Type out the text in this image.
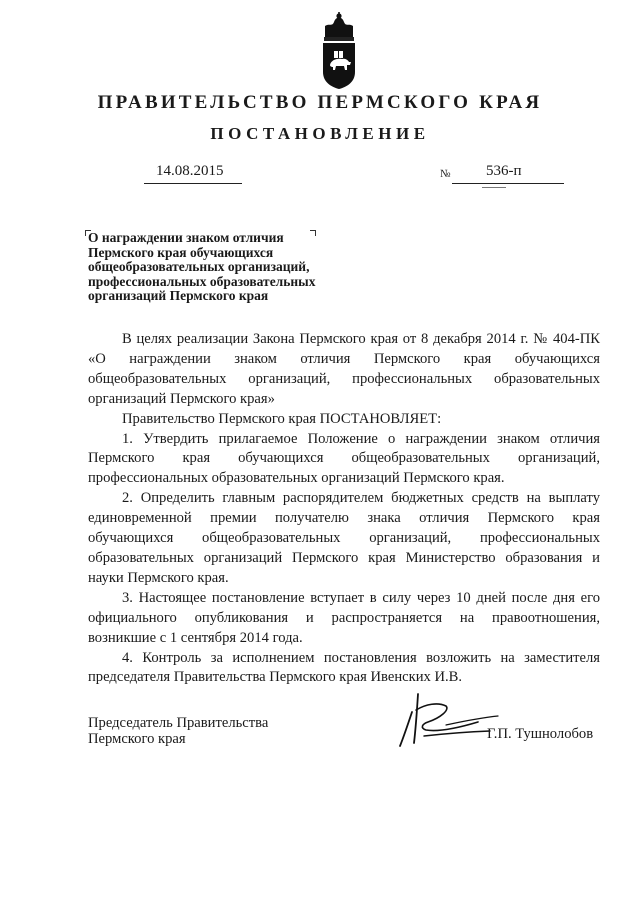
ПРАВИТЕЛЬСТВО ПЕРМСКОГО КРАЯ
ПОСТАНОВЛЕНИЕ
14.08.2015	№ 536-п
О награждении знаком отличия
Пермского края обучающихся
общеобразовательных организаций,
профессиональных образовательных
организаций Пермского края

В целях реализации Закона Пермского края от 8 декабря 2014 г. № 404-ПК «О награждении знаком отличия Пермского края обучающихся общеобразовательных организаций, профессиональных образовательных организаций Пермского края»

Правительство Пермского края ПОСТАНОВЛЯЕТ:

1. Утвердить прилагаемое Положение о награждении знаком отличия Пермского края обучающихся общеобразовательных организаций, профессиональных образовательных организаций Пермского края.

2. Определить главным распорядителем бюджетных средств на выплату единовременной премии получателю знака отличия Пермского края обучающихся общеобразовательных организаций, профессиональных образовательных организаций Пермского края Министерство образования и науки Пермского края.

3. Настоящее постановление вступает в силу через 10 дней после дня его официального опубликования и распространяется на правоотношения, возникшие с 1 сентября 2014 года.

4. Контроль за исполнением постановления возложить на заместителя председателя Правительства Пермского края Ивенских И.В.

Председатель Правительства
Пермского края	Г.П. Тушнолобов
